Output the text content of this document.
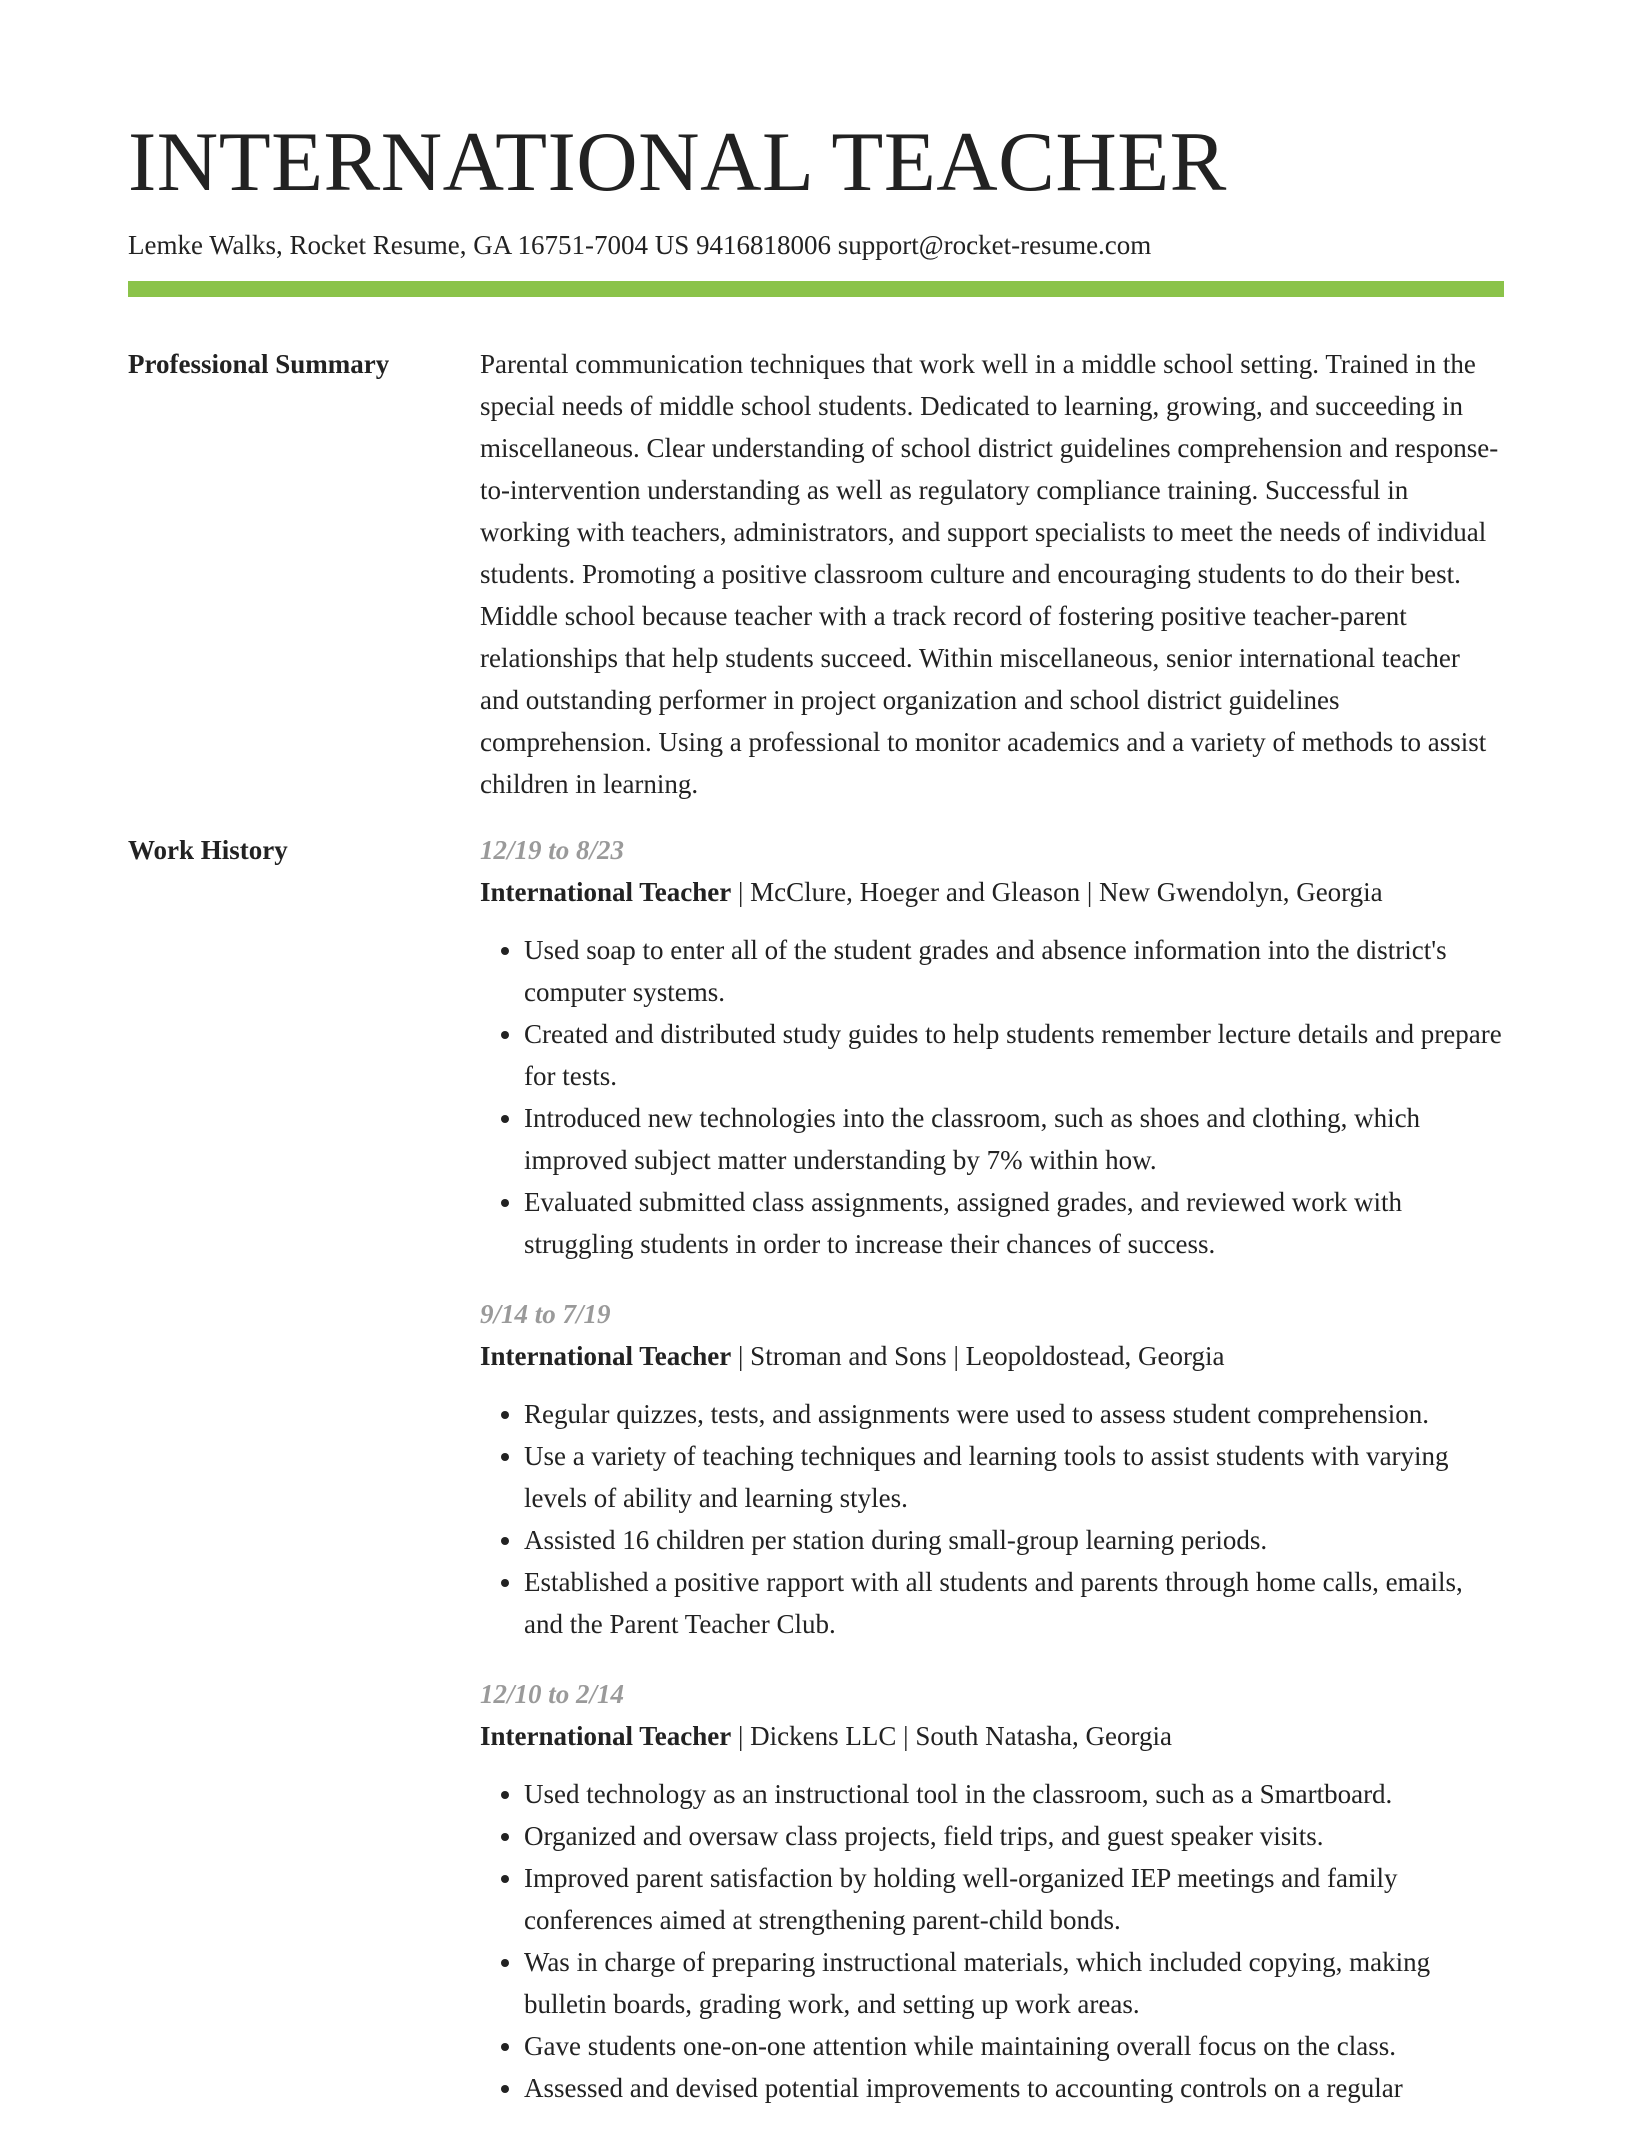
INTERNATIONAL TEACHER
Lemke Walks, Rocket Resume, GA 16751-7004 US 9416818006 support@rocket-resume.com
Professional Summary	Parental communication techniques that work well in a middle school setting. Trained in the special needs of middle school students. Dedicated to learning, growing, and succeeding in miscellaneous. Clear understanding of school district guidelines comprehension and response-to-intervention understanding as well as regulatory compliance training. Successful in working with teachers, administrators, and support specialists to meet the needs of individual students. Promoting a positive classroom culture and encouraging students to do their best. Middle school because teacher with a track record of fostering positive teacher-parent relationships that help students succeed. Within miscellaneous, senior international teacher and outstanding performer in project organization and school district guidelines comprehension. Using a professional to monitor academics and a variety of methods to assist children in learning.

Work History	12/19 to 8/23
International Teacher | McClure, Hoeger and Gleason | New Gwendolyn, Georgia
• Used soap to enter all of the student grades and absence information into the district's computer systems.
• Created and distributed study guides to help students remember lecture details and prepare for tests.
• Introduced new technologies into the classroom, such as shoes and clothing, which improved subject matter understanding by 7% within how.
• Evaluated submitted class assignments, assigned grades, and reviewed work with struggling students in order to increase their chances of success.
9/14 to 7/19
International Teacher | Stroman and Sons | Leopoldostead, Georgia
• Regular quizzes, tests, and assignments were used to assess student comprehension.
• Use a variety of teaching techniques and learning tools to assist students with varying levels of ability and learning styles.
• Assisted 16 children per station during small-group learning periods.
• Established a positive rapport with all students and parents through home calls, emails, and the Parent Teacher Club.
12/10 to 2/14
International Teacher | Dickens LLC | South Natasha, Georgia
• Used technology as an instructional tool in the classroom, such as a Smartboard.
• Organized and oversaw class projects, field trips, and guest speaker visits.
• Improved parent satisfaction by holding well-organized IEP meetings and family conferences aimed at strengthening parent-child bonds.
• Was in charge of preparing instructional materials, which included copying, making bulletin boards, grading work, and setting up work areas.
• Gave students one-on-one attention while maintaining overall focus on the class.
• Assessed and devised potential improvements to accounting controls on a regular
